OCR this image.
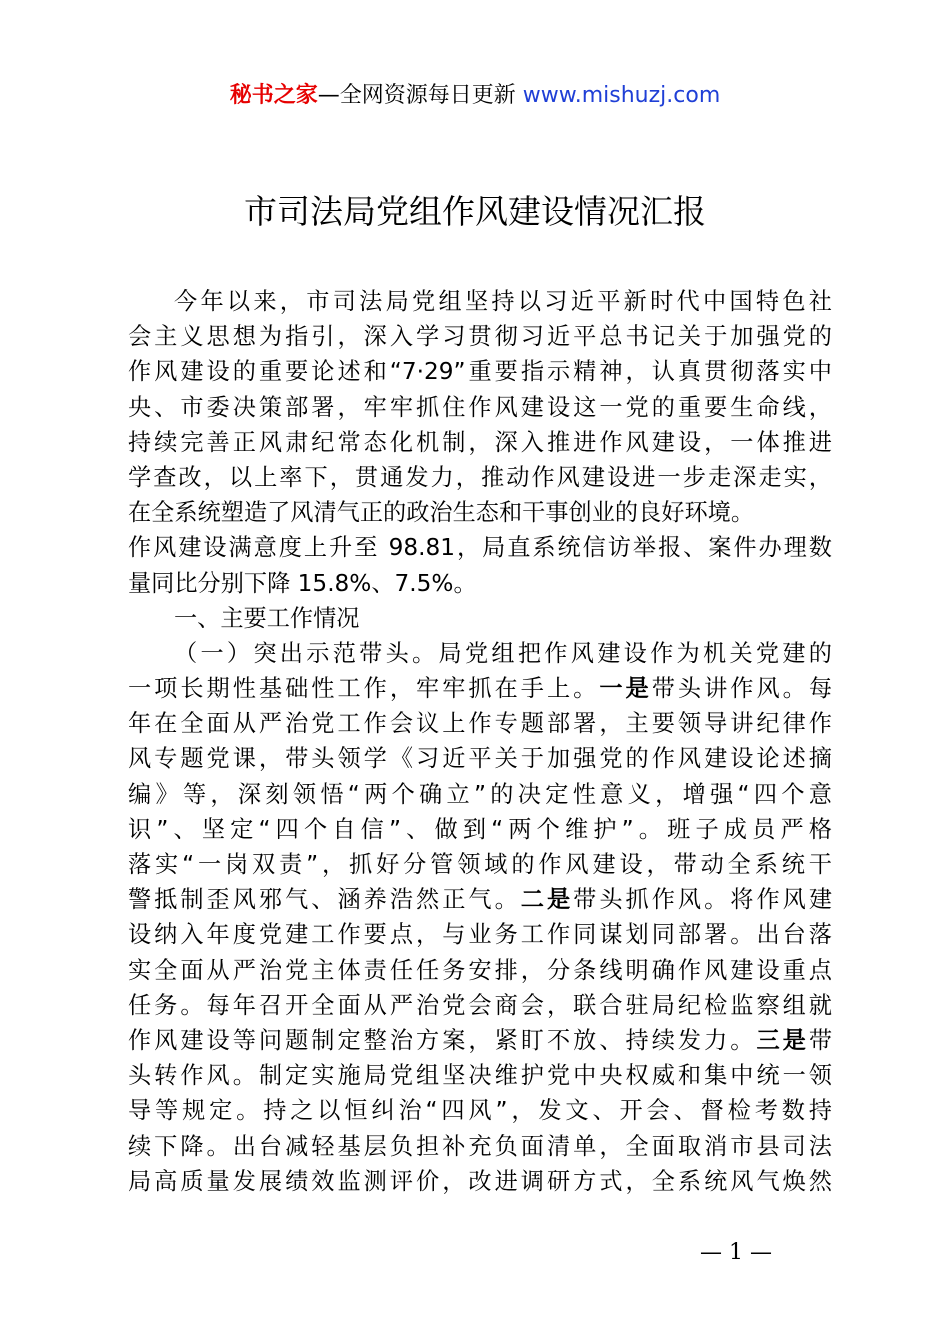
秘书之家—全网资源每日更新 www.mishuzj.com
市司法局党组作风建设情况汇报
今年以来，市司法局党组坚持以习近平新时代中国特色社
会主义思想为指引，深入学习贯彻习近平总书记关于加强党的
作风建设的重要论述和“7·29”重要指示精神，认真贯彻落实中
央、市委决策部署，牢牢抓住作风建设这一党的重要生命线，
持续完善正风肃纪常态化机制，深入推进作风建设，一体推进
学查改，以上率下，贯通发力，推动作风建设进一步走深走实，
在全系统塑造了风清气正的政治生态和干事创业的良好环境。
作风建设满意度上升至 98.81，局直系统信访举报、案件办理数
量同比分别下降 15.8%、7.5%。
一、主要工作情况
（一）突出示范带头。局党组把作风建设作为机关党建的
一项长期性基础性工作，牢牢抓在手上。一是带头讲作风。每
年在全面从严治党工作会议上作专题部署，主要领导讲纪律作
风专题党课，带头领学《习近平关于加强党的作风建设论述摘
编》等，深刻领悟“两个确立”的决定性意义，增强“四个意
识”、坚定“四个自信”、做到“两个维护”。班子成员严格
落实“一岗双责”，抓好分管领域的作风建设，带动全系统干
警抵制歪风邪气、涵养浩然正气。二是带头抓作风。将作风建
设纳入年度党建工作要点，与业务工作同谋划同部署。出台落
实全面从严治党主体责任任务安排，分条线明确作风建设重点
任务。每年召开全面从严治党会商会，联合驻局纪检监察组就
作风建设等问题制定整治方案，紧盯不放、持续发力。三是带
头转作风。制定实施局党组坚决维护党中央权威和集中统一领
导等规定。持之以恒纠治“四风”，发文、开会、督检考数持
续下降。出台减轻基层负担补充负面清单，全面取消市县司法
局高质量发展绩效监测评价，改进调研方式，全系统风气焕然
— 1 —
